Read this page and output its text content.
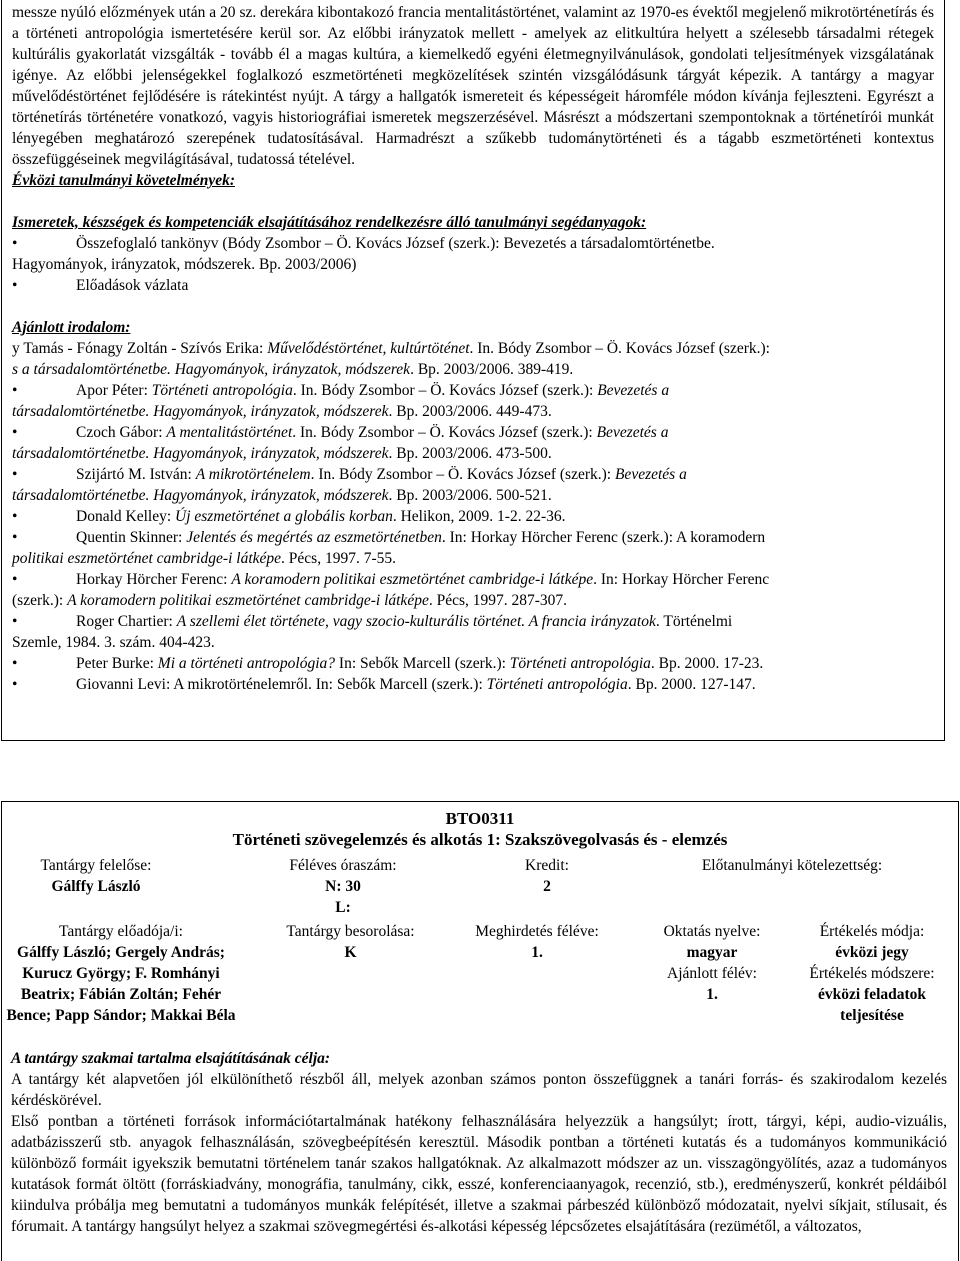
messze nyúló előzmények után a 20 sz. derekára kibontakozó francia mentalitástörténet, valamint az 1970-es évektől megjelenő mikrotörténetírás és a történeti antropológia ismertetésére kerül sor. Az előbbi irányzatok mellett - amelyek az elitkultúra helyett a szélesebb társadalmi rétegek kultúrális gyakorlatát vizsgálták - tovább él a magas kultúra, a kiemelkedő egyéni életmegnyilvánulások, gondolati teljesítmények vizsgálatának igénye. Az előbbi jelenségekkel foglalkozó eszmetörténeti megközelítések szintén vizsgálódásunk tárgyát képezik. A tantárgy a magyar művelődéstörténet fejlődésére is rátekintést nyújt. A tárgy a hallgatók ismereteit és képességeit háromféle módon kívánja fejleszteni. Egyrészt a történetírás történetére vonatkozó, vagyis historiográfiai ismeretek megszerzésével. Másrészt a módszertani szempontoknak a történetírói munkát lényegében meghatározó szerepének tudatosításával. Harmadrészt a szűkebb tudománytörténeti és a tágabb eszmetörténeti kontextus összefüggéseinek megvilágításával, tudatossá tételével.

Évközi tanulmányi követelmények:

Ismeretek, készségek és kompetenciák elsajátításához rendelkezésre álló tanulmányi segédanyagok:

•	Összefoglaló tankönyv (Bódy Zsombor – Ö. Kovács József (szerk.): Bevezetés a társadalomtörténetbe.

Hagyományok, irányzatok, módszerek. Bp. 2003/2006)

•	Előadások vázlata

Ajánlott irodalom:

y Tamás - Fónagy Zoltán - Szívós Erika: Művelődéstörténet, kultúrtöténet. In. Bódy Zsombor – Ö. Kovács József (szerk.):

s a társadalomtörténetbe. Hagyományok, irányzatok, módszerek. Bp. 2003/2006. 389-419.

•	Apor Péter: Történeti antropológia. In. Bódy Zsombor – Ö. Kovács József (szerk.): Bevezetés a

társadalomtörténetbe. Hagyományok, irányzatok, módszerek. Bp. 2003/2006. 449-473.

•	Czoch Gábor: A mentalitástörténet. In. Bódy Zsombor – Ö. Kovács József (szerk.): Bevezetés a

társadalomtörténetbe. Hagyományok, irányzatok, módszerek. Bp. 2003/2006. 473-500.

•	Szijártó M. István: A mikrotörténelem. In. Bódy Zsombor – Ö. Kovács József (szerk.): Bevezetés a

társadalomtörténetbe. Hagyományok, irányzatok, módszerek. Bp. 2003/2006. 500-521.

•	Donald Kelley: Új eszmetörténet a globális korban. Helikon, 2009. 1-2. 22-36.
•	Quentin Skinner: Jelentés és megértés az eszmetörténetben. In: Horkay Hörcher Ferenc (szerk.): A koramodern

politikai eszmetörténet cambridge-i látképe. Pécs, 1997. 7-55.

•	Horkay Hörcher Ferenc: A koramodern politikai eszmetörténet cambridge-i látképe. In: Horkay Hörcher Ferenc

(szerk.): A koramodern politikai eszmetörténet cambridge-i látképe. Pécs, 1997. 287-307.

•	Roger Chartier: A szellemi élet története, vagy szocio-kulturális történet. A francia irányzatok. Történelmi

Szemle, 1984. 3. szám. 404-423.

•	Peter Burke: Mi a történeti antropológia? In: Sebők Marcell (szerk.): Történeti antropológia. Bp. 2000. 17-23.
•	Giovanni Levi: A mikrotörténelemről. In: Sebők Marcell (szerk.): Történeti antropológia. Bp. 2000. 127-147.
BTO0311
Történeti szövegelemzés és alkotás 1: Szakszövegolvasás és - elemzés
Tantárgy felelőse:
Gálffy László
Féléves óraszám:
N: 30
L:
Kredit:
2
Előtanulmányi kötelezettség:
Tantárgy előadója/i:
Gálffy László; Gergely András; Kurucz György; F. Romhányi Beatrix; Fábián Zoltán; Fehér Bence; Papp Sándor; Makkai Béla
Tantárgy besorolása:
K
Meghirdetés féléve:
1.
Oktatás nyelve:
magyar
Ajánlott félév:
1.
Értékelés módja:
évközi jegy
Értékelés módszere:
évközi feladatok teljesítése
A tantárgy szakmai tartalma elsajátításának célja:

A tantárgy két alapvetően jól elkülöníthető részből áll, melyek azonban számos ponton összefüggnek a tanári forrás- és szakirodalom kezelés kérdéskörével.

Első pontban a történeti források információtartalmának hatékony felhasználására helyezzük a hangsúlyt; írott, tárgyi, képi, audio-vizuális, adatbázisszerű stb. anyagok felhasználásán, szövegbeépítésén keresztül. Második pontban a történeti kutatás és a tudományos kommunikáció különböző formáit igyekszik bemutatni történelem tanár szakos hallgatóknak. Az alkalmazott módszer az un. visszagöngyölítés, azaz a tudományos kutatások formát öltött (forráskiadvány, monográfia, tanulmány, cikk, esszé, konferenciaanyagok, recenzió, stb.), eredményszerű, konkrét példáiból kiindulva próbálja meg bemutatni a tudományos munkák felépítését, illetve a szakmai párbeszéd különböző módozatait, nyelvi síkjait, stílusait, és fórumait. A tantárgy hangsúlyt helyez a szakmai szövegmegértési és-alkotási képesség lépcsőzetes elsajátítására (rezümétől, a változatos,
